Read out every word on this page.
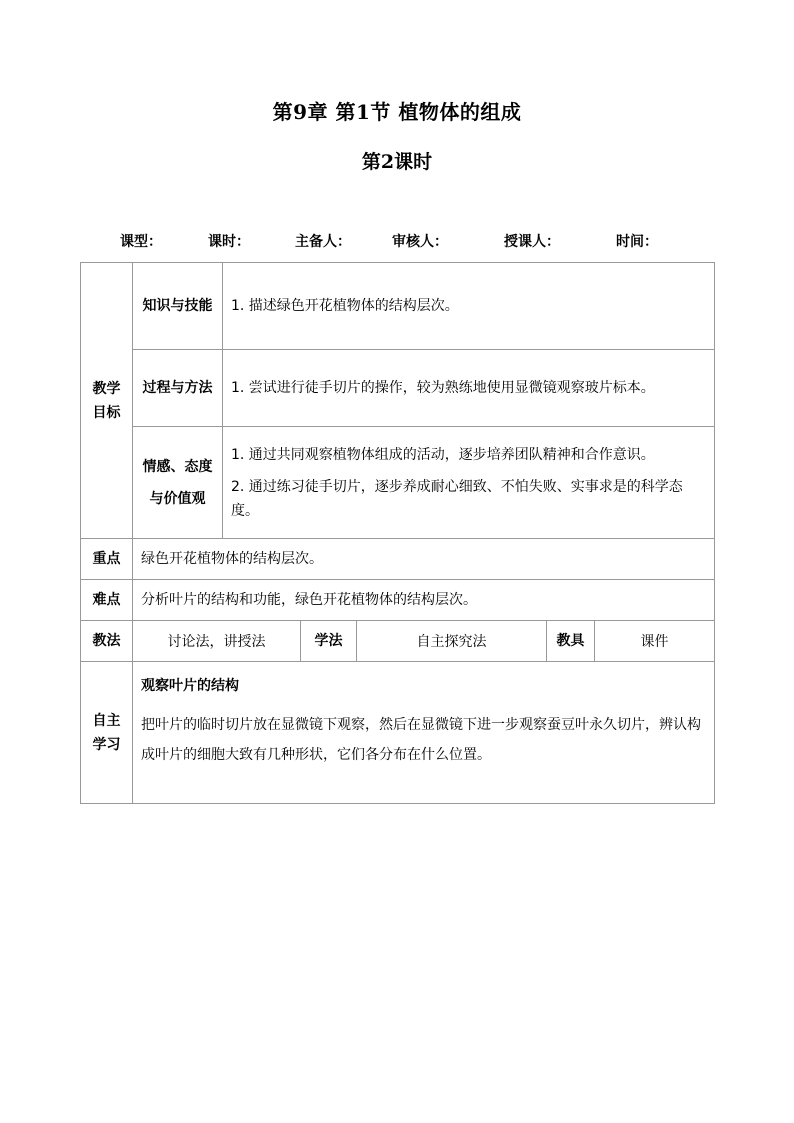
第9章 第1节 植物体的组成
第2课时
课型：	课时：	主备人：	审核人：	授课人：	时间：
教学目标	知识与技能	1. 描述绿色开花植物体的结构层次。				

	过程与方法	1. 尝试进行徒手切片的操作，较为熟练地使用显微镜观察玻片标本。				

	情感、态度与价值观	1. 通过共同观察植物体组成的活动，逐步培养团队精神和合作意识。

2. 通过练习徒手切片，逐步养成耐心细致、不怕失败、实事求是的科学态度。				

重点	绿色开花植物体的结构层次。					
难点	分析叶片的结构和功能，绿色开花植物体的结构层次。					
教法	讨论法，讲授法		学法	自主探究法	教具	课件
自主学习	观察叶片的结构

把叶片的临时切片放在显微镜下观察，然后在显微镜下进一步观察蚕豆叶永久切片，辨认构成叶片的细胞大致有几种形状，它们各分布在什么位置。					
